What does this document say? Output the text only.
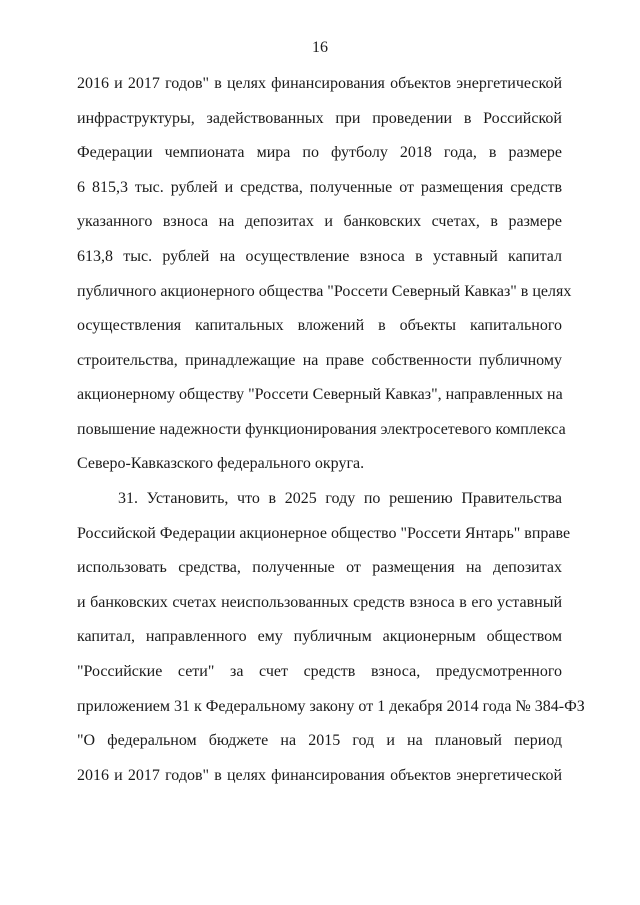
16
2016 и 2017 годов" в целях финансирования объектов энергетической
инфраструктуры, задействованных при проведении в Российской
Федерации чемпионата мира по футболу 2018 года, в размере
6 815,3 тыс. рублей и средства, полученные от размещения средств
указанного взноса на депозитах и банковских счетах, в размере
613,8 тыс. рублей на осуществление взноса в уставный капитал
публичного акционерного общества "Россети Северный Кавказ" в целях
осуществления капитальных вложений в объекты капитального
строительства, принадлежащие на праве собственности публичному
акционерному обществу "Россети Северный Кавказ", направленных на
повышение надежности функционирования электросетевого комплекса
Северо-Кавказского федерального округа.
31. Установить, что в 2025 году по решению Правительства
Российской Федерации акционерное общество "Россети Янтарь" вправе
использовать средства, полученные от размещения на депозитах
и банковских счетах неиспользованных средств взноса в его уставный
капитал, направленного ему публичным акционерным обществом
"Российские сети" за счет средств взноса, предусмотренного
приложением 31 к Федеральному закону от 1 декабря 2014 года № 384-ФЗ
"О федеральном бюджете на 2015 год и на плановый период
2016 и 2017 годов" в целях финансирования объектов энергетической
